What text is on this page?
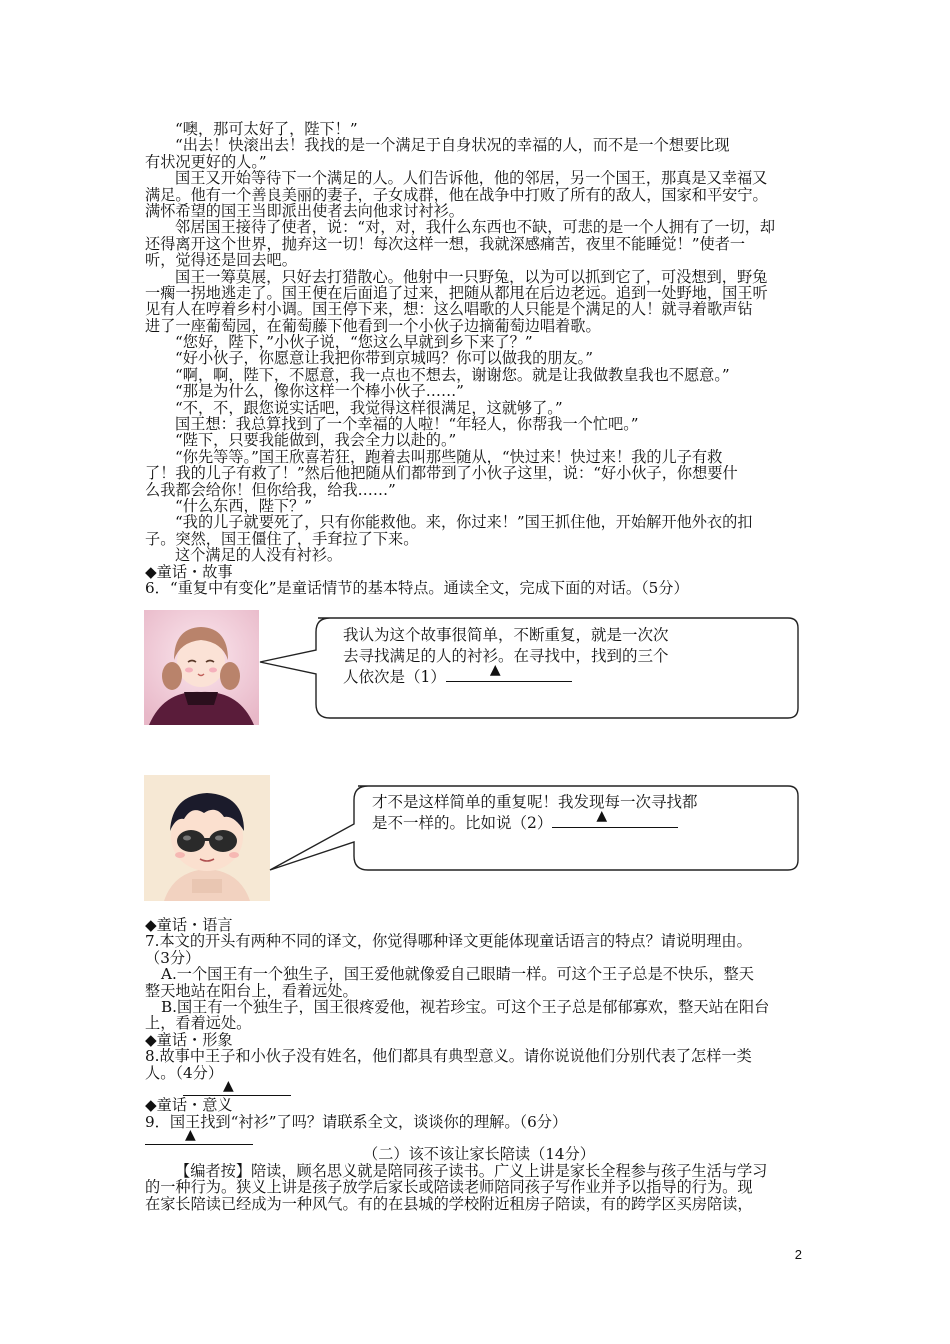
“噢，那可太好了，陛下！”
“出去！快滚出去！我找的是一个满足于自身状况的幸福的人，而不是一个想要比现
有状况更好的人。”
国王又开始等待下一个满足的人。人们告诉他，他的邻居，另一个国王，那真是又幸福又
满足。他有一个善良美丽的妻子，子女成群，他在战争中打败了所有的敌人，国家和平安宁。
满怀希望的国王当即派出使者去向他求讨衬衫。
邻居国王接待了使者，说：“对，对，我什么东西也不缺，可悲的是一个人拥有了一切，却
还得离开这个世界，抛弃这一切！每次这样一想，我就深感痛苦，夜里不能睡觉！”使者一
听，觉得还是回去吧。
国王一筹莫展，只好去打猎散心。他射中一只野兔，以为可以抓到它了，可没想到，野兔
一瘸一拐地逃走了。国王便在后面追了过来，把随从都甩在后边老远。追到一处野地，国王听
见有人在哼着乡村小调。国王停下来，想：这么唱歌的人只能是个满足的人！就寻着歌声钻
进了一座葡萄园，在葡萄藤下他看到一个小伙子边摘葡萄边唱着歌。
“您好，陛下，”小伙子说，“您这么早就到乡下来了？”
“好小伙子，你愿意让我把你带到京城吗？你可以做我的朋友。”
“啊，啊，陛下，不愿意，我一点也不想去，谢谢您。就是让我做教皇我也不愿意。”
“那是为什么，像你这样一个棒小伙子……”
“不，不，跟您说实话吧，我觉得这样很满足，这就够了。”
国王想：我总算找到了一个幸福的人啦！“年轻人，你帮我一个忙吧。”
“陛下，只要我能做到，我会全力以赴的。”
“你先等等。”国王欣喜若狂，跑着去叫那些随从，“快过来！快过来！我的儿子有救
了！我的儿子有救了！”然后他把随从们都带到了小伙子这里，说：“好小伙子，你想要什
么我都会给你！但你给我，给我……”
“什么东西，陛下？”
“我的儿子就要死了，只有你能救他。来，你过来！”国王抓住他，开始解开他外衣的扣
子。突然，国王僵住了，手耷拉了下来。
这个满足的人没有衬衫。
◆童话・故事
6．“重复中有变化”是童话情节的基本特点。通读全文，完成下面的对话。（5分）
我认为这个故事很简单，不断重复，就是一次次
去寻找满足的人的衬衫。在寻找中，找到的三个
人依次是（1）	▲
才不是这样简单的重复呢！我发现每一次寻找都
是不一样的。比如说（2）	▲
◆童话・语言
7.本文的开头有两种不同的译文，你觉得哪种译文更能体现童话语言的特点？请说明理由。
（3分）
A.一个国王有一个独生子，国王爱他就像爱自己眼睛一样。可这个王子总是不快乐，整天
整天地站在阳台上，看着远处。
B.国王有一个独生子，国王很疼爱他，视若珍宝。可这个王子总是郁郁寡欢，整天站在阳台
上，看着远处。
◆童话・形象
8.故事中王子和小伙子没有姓名，他们都具有典型意义。请你说说他们分别代表了怎样一类
人。（4分）
▲
◆童话・意义
9．国王找到“衬衫”了吗？请联系全文，谈谈你的理解。（6分）
▲
（二）该不该让家长陪读（14分）
【编者按】陪读，顾名思义就是陪同孩子读书。广义上讲是家长全程参与孩子生活与学习
的一种行为。狭义上讲是孩子放学后家长或陪读老师陪同孩子写作业并予以指导的行为。现
在家长陪读已经成为一种风气。有的在县城的学校附近租房子陪读，有的跨学区买房陪读，
2
